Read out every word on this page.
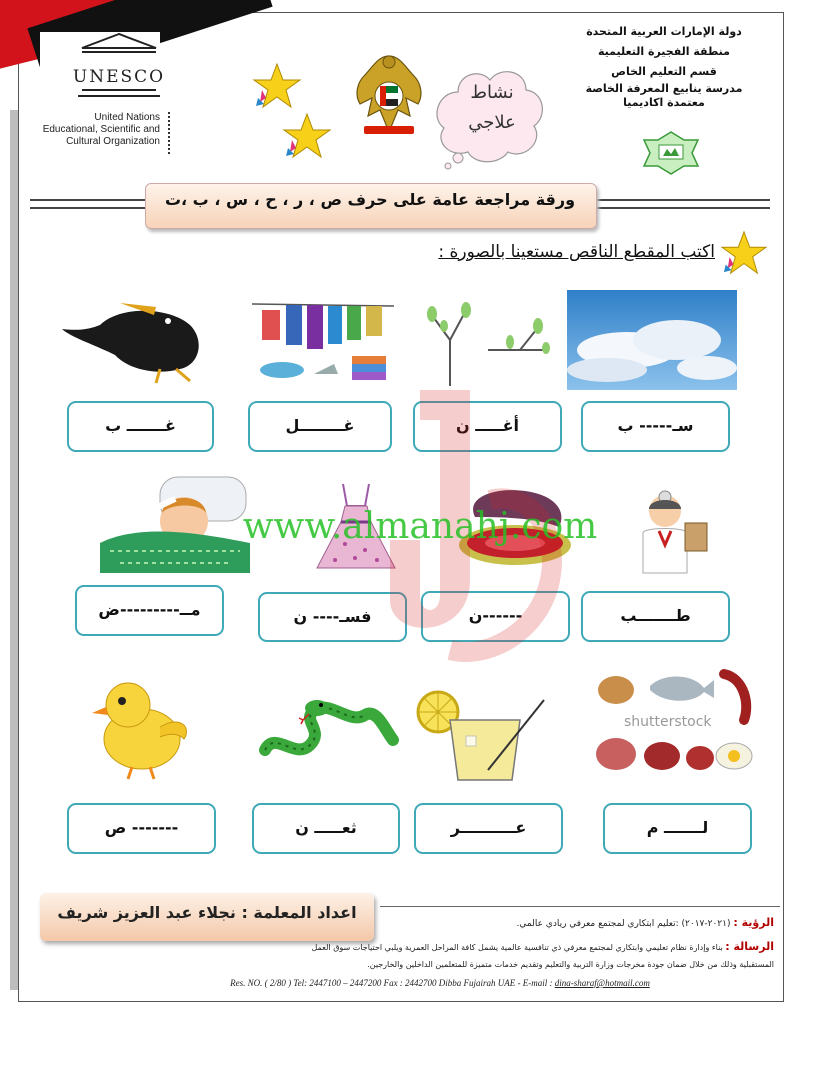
UNESCO
United Nations
Educational, Scientific and
Cultural Organization
نشاط
علاجي
دولة الإمارات العربية المتحدة
منطقة الفجيرة التعليمية
قسم التعليم الخاص
مدرسة ينابيع المعرفة الخاصة
معتمدة اكاديميا
ورقة مراجعة عامة على حرف ص ، ر ، ح ، س ، ب ،ت
اكتب المقطع الناقص مستعينا بالصورة :
غـــــــ ب	غــــــــل	أغـــــ ن	سـ----- ب
مــ---------ض	فسـ---- ن	------ن	طـــــــب
www.almanahj.com
shutterstock
------- ص	ثعـــــ ن	عــــــــــر	لـــــــ م
اعداد المعلمة : نجلاء عبد العزيز شريف
الرؤية : (٢٠٢١-٢٠١٧) :تعليم ابتكاري لمجتمع معرفي ريادي عالمي.
الرسالة : بناء وإدارة نظام تعليمي وابتكاري لمجتمع معرفي ذي تنافسية عالمية يشمل كافة المراحل العمرية ويلبي احتياجات سوق العمل
المستقبلية وذلك من خلال ضمان جودة مخرجات وزارة التربية والتعليم وتقديم خدمات متميزة للمتعلمين الداخلين والخارجين.
Res. NO. ( 2/80 ) Tel: 2447100 – 2447200 Fax : 2442700 Dibba Fujairah UAE - E-mail : dina-sharaf@hotmail.com
